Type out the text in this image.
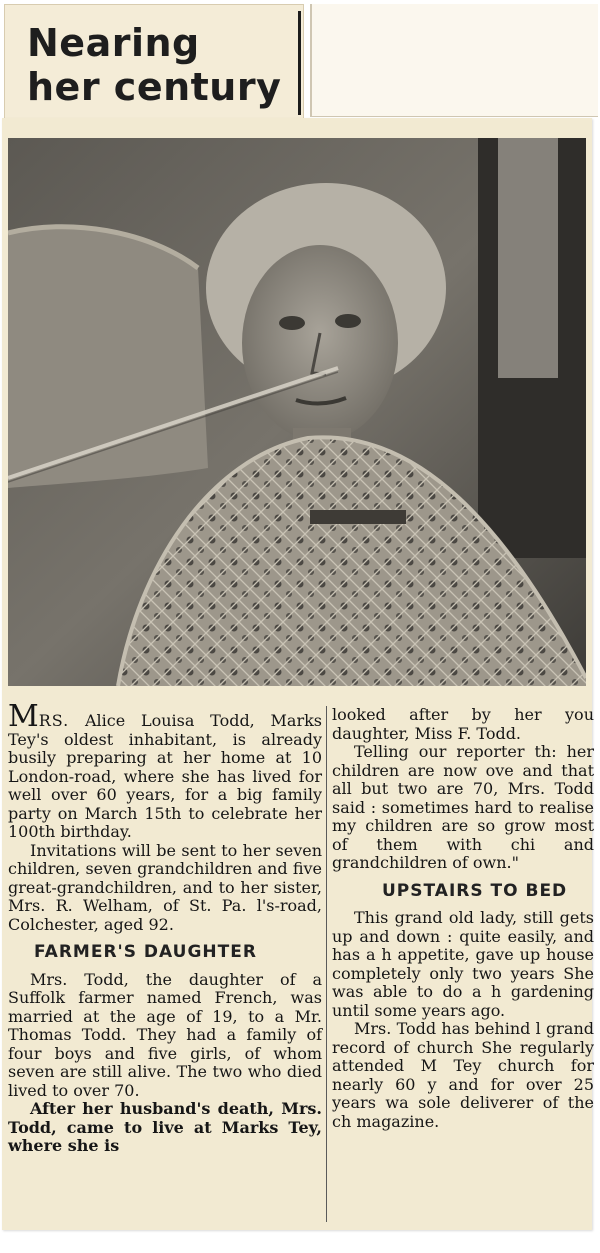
Nearing
her century

MRS. Alice Louisa Todd, Marks Tey's oldest inhabitant, is already busily preparing at her home at 10 London-road, where she has lived for well over 60 years, for a big family party on March 15th to celebrate her 100th birthday.

Invitations will be sent to her seven children, seven grandchildren and five great-grandchildren, and to her sister, Mrs. R. Welham, of St. Pa. l's-road, Colchester, aged 92.

FARMER'S DAUGHTER

Mrs. Todd, the daughter of a Suffolk farmer named French, was married at the age of 19, to a Mr. Thomas Todd. They had a family of four boys and five girls, of whom seven are still alive. The two who died lived to over 70.

After her husband's death, Mrs. Todd, came to live at Marks Tey, where she is

looked after by her you daughter, Miss F. Todd.

Telling our reporter th: her children are now ove and that all but two are 70, Mrs. Todd said : sometimes hard to realise my children are so grow most of them with chi and grandchildren of own."

UPSTAIRS TO BED

This grand old lady, still gets up and down : quite easily, and has a h appetite, gave up house completely only two years She was able to do a h gardening until some years ago.

Mrs. Todd has behind l grand record of church She regularly attended M Tey church for nearly 60 y and for over 25 years wa sole deliverer of the ch magazine.
